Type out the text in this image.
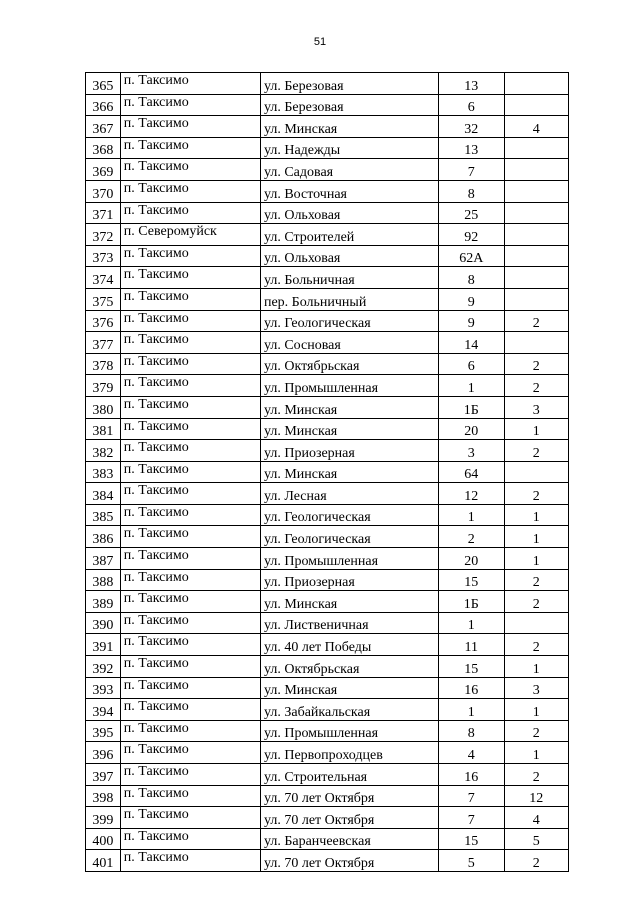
51
365	п. Таксимо	ул. Березовая	13	
366	п. Таксимо	ул. Березовая	6	
367	п. Таксимо	ул. Минская	32	4
368	п. Таксимо	ул. Надежды	13	
369	п. Таксимо	ул. Садовая	7	
370	п. Таксимо	ул. Восточная	8	
371	п. Таксимо	ул. Ольховая	25	
372	п. Северомуйск	ул. Строителей	92	
373	п. Таксимо	ул. Ольховая	62А	
374	п. Таксимо	ул. Больничная	8	
375	п. Таксимо	пер. Больничный	9	
376	п. Таксимо	ул. Геологическая	9	2
377	п. Таксимо	ул. Сосновая	14	
378	п. Таксимо	ул. Октябрьская	6	2
379	п. Таксимо	ул. Промышленная	1	2
380	п. Таксимо	ул. Минская	1Б	3
381	п. Таксимо	ул. Минская	20	1
382	п. Таксимо	ул. Приозерная	3	2
383	п. Таксимо	ул. Минская	64	
384	п. Таксимо	ул. Лесная	12	2
385	п. Таксимо	ул. Геологическая	1	1
386	п. Таксимо	ул. Геологическая	2	1
387	п. Таксимо	ул. Промышленная	20	1
388	п. Таксимо	ул. Приозерная	15	2
389	п. Таксимо	ул. Минская	1Б	2
390	п. Таксимо	ул. Лиственичная	1	
391	п. Таксимо	ул. 40 лет Победы	11	2
392	п. Таксимо	ул. Октябрьская	15	1
393	п. Таксимо	ул. Минская	16	3
394	п. Таксимо	ул. Забайкальская	1	1
395	п. Таксимо	ул. Промышленная	8	2
396	п. Таксимо	ул. Первопроходцев	4	1
397	п. Таксимо	ул. Строительная	16	2
398	п. Таксимо	ул. 70 лет Октября	7	12
399	п. Таксимо	ул. 70 лет Октября	7	4
400	п. Таксимо	ул. Баранчеевская	15	5
401	п. Таксимо	ул. 70 лет Октября	5	2
